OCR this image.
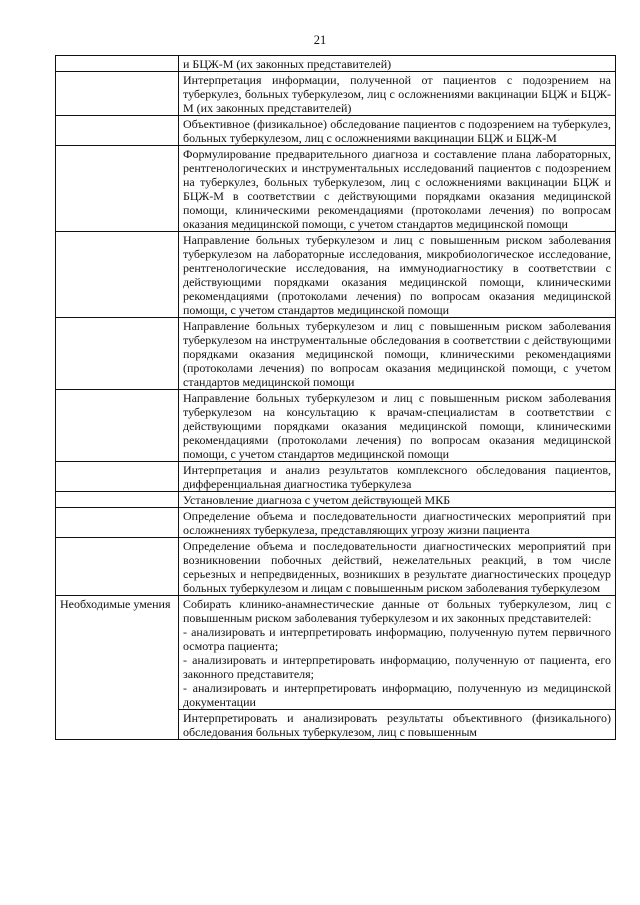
21
	и БЦЖ-М (их законных представителей)
	Интерпретация информации, полученной от пациентов с подозрением на туберкулез, больных туберкулезом, лиц с осложнениями вакцинации БЦЖ и БЦЖ-М (их законных представителей)
	Объективное (физикальное) обследование пациентов с подозрением на туберкулез, больных туберкулезом, лиц с осложнениями вакцинации БЦЖ и БЦЖ-М
	Формулирование предварительного диагноза и составление плана лабораторных, рентгенологических и инструментальных исследований пациентов с подозрением на туберкулез, больных туберкулезом, лиц с осложнениями вакцинации БЦЖ и БЦЖ-М в соответствии с действующими порядками оказания медицинской помощи, клиническими рекомендациями (протоколами лечения) по вопросам оказания медицинской помощи, с учетом стандартов медицинской помощи
	Направление больных туберкулезом и лиц с повышенным риском заболевания туберкулезом на лабораторные исследования, микробиологическое исследование, рентгенологические исследования, на иммунодиагностику в соответствии с действующими порядками оказания медицинской помощи, клиническими рекомендациями (протоколами лечения) по вопросам оказания медицинской помощи, с учетом стандартов медицинской помощи
	Направление больных туберкулезом и лиц с повышенным риском заболевания туберкулезом на инструментальные обследования в соответствии с действующими порядками оказания медицинской помощи, клиническими рекомендациями (протоколами лечения) по вопросам оказания медицинской помощи, с учетом стандартов медицинской помощи
	Направление больных туберкулезом и лиц с повышенным риском заболевания туберкулезом на консультацию к врачам-специалистам в соответствии с действующими порядками оказания медицинской помощи, клиническими рекомендациями (протоколами лечения) по вопросам оказания медицинской помощи, с учетом стандартов медицинской помощи
	Интерпретация и анализ результатов комплексного обследования пациентов, дифференциальная диагностика туберкулеза
	Установление диагноза с учетом действующей МКБ
	Определение объема и последовательности диагностических мероприятий при осложнениях туберкулеза, представляющих угрозу жизни пациента
	Определение объема и последовательности диагностических мероприятий при возникновении побочных действий, нежелательных реакций, в том числе серьезных и непредвиденных, возникших в результате диагностических процедур больных туберкулезом и лицам с повышенным риском заболевания туберкулезом
Необходимые умения	Собирать клинико-анамнестические данные от больных туберкулезом, лиц с повышенным риском заболевания туберкулезом и их законных представителей:
- анализировать и интерпретировать информацию, полученную путем первичного осмотра пациента;
- анализировать и интерпретировать информацию, полученную от пациента, его законного представителя;
- анализировать и интерпретировать информацию, полученную из медицинской документации

	Интерпретировать и анализировать результаты объективного (физикального) обследования больных туберкулезом, лиц с повышенным
